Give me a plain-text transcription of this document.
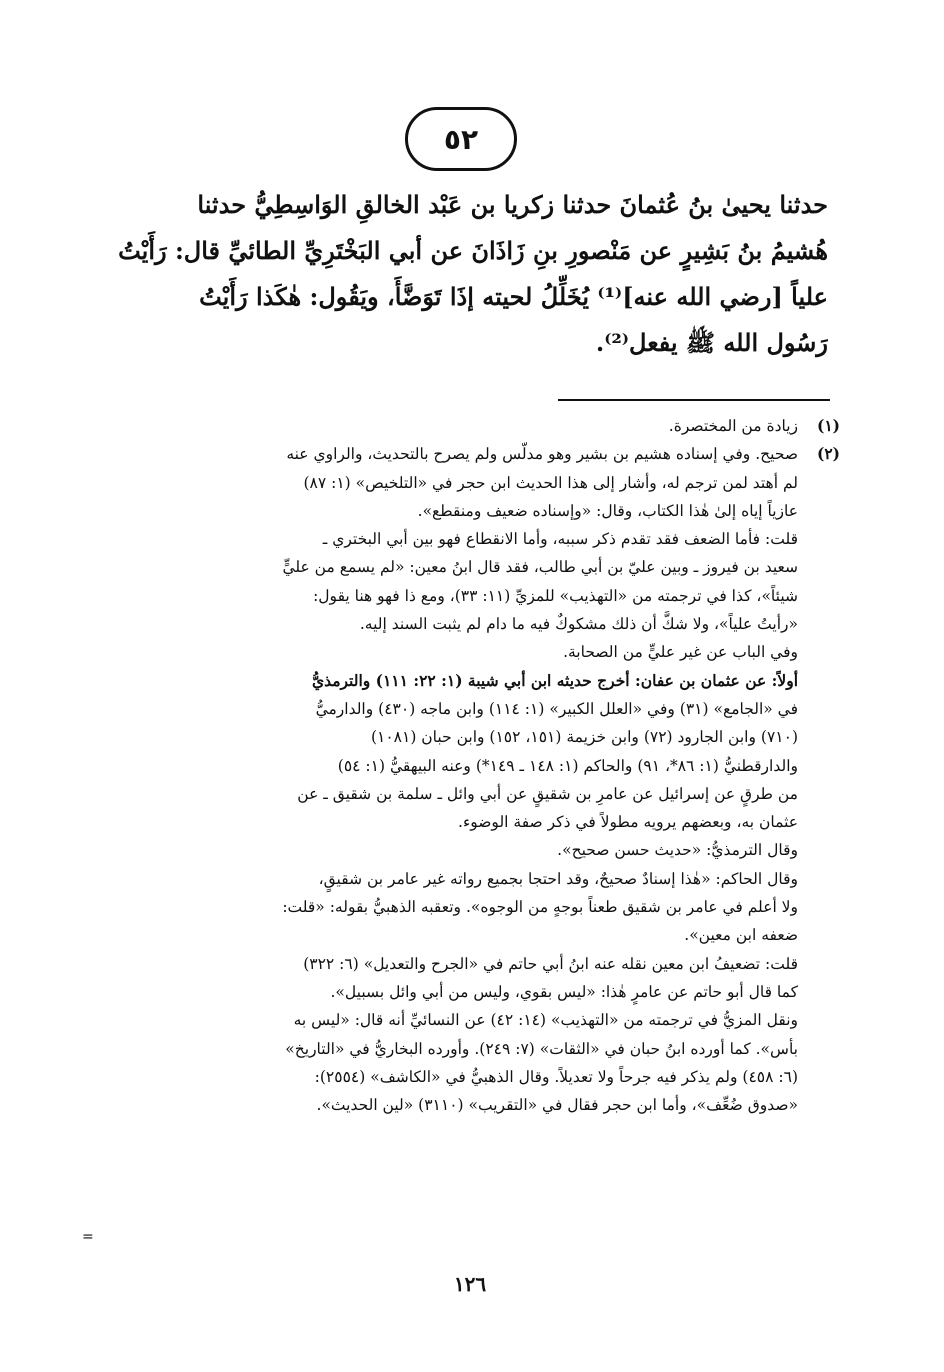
٥٢

حدثنا يحيىٰ بنُ عُثمانَ حدثنا زكريا بن عَبْد الخالقِ الوَاسِطِيُّ حدثنا

هُشيمُ بنُ بَشِيرٍ عن مَنْصورِ بنِ زَاذَانَ عن أبي البَخْتَرِيِّ الطائيِّ قال: رَأَيْتُ

علياً [رضي الله عنه]⁽¹⁾ يُخَلِّلُ لحيته إذَا تَوَضَّأَ، ويَقُول: هٰكَذا رَأَيْتُ

رَسُول الله ﷺ يفعل⁽²⁾.

(١)
زيادة من المختصرة.
(٢)
صحيح. وفي إسناده هشيم بن بشير وهو مدلّس ولم يصرح بالتحديث، والراوي عنه
لم أهتد لمن ترجم له، وأشار إلى هذا الحديث ابن حجر في «التلخيص» (١: ٨٧)
عازياً إياه إلىٰ هٰذا الكتاب، وقال: «وإسناده ضعيف ومنقطع».
قلت: فأما الضعف فقد تقدم ذكر سببه، وأما الانقطاع فهو بين أبي البختري ـ
سعيد بن فيروز ـ وبين عليّ بن أبي طالب، فقد قال ابنُ معين: «لم يسمع من عليٍّ
شيئاً»، كذا في ترجمته من «التهذيب» للمزيِّ (١١: ٣٣)، ومع ذا فهو هنا يقول:
«رأيتُ علياً»، ولا شكَّ أن ذلك مشكوكٌ فيه ما دام لم يثبت السند إليه.
وفي الباب عن غير عليٍّ من الصحابة.
أولاً: عن عثمان بن عفان: أخرج حديثه ابن أبي شيبة (١: ٢٢: ١١١) والترمذيُّ
في «الجامع» (٣١) وفي «العلل الكبير» (١: ١١٤) وابن ماجه (٤٣٠) والدارميُّ
(٧١٠) وابن الجارود (٧٢) وابن خزيمة (١٥١، ١٥٢) وابن حبان (١٠٨١)
والدارقطنيُّ (١: ٨٦*، ٩١) والحاكم (١: ١٤٨ ـ ١٤٩*) وعنه البيهقيُّ (١: ٥٤)
من طرقٍ عن إسرائيل عن عامرِ بن شقيقٍ عن أبي وائل ـ سلمة بن شقيق ـ عن
عثمان به، وبعضهم يرويه مطولاً في ذكر صفة الوضوء.
وقال الترمذيُّ: «حديث حسن صحيح».
وقال الحاكم: «هٰذا إسنادٌ صحيحٌ، وقد احتجا بجميع رواته غير عامر بن شقيقٍ،
ولا أعلم في عامر بن شقيق طعناً بوجهٍ من الوجوه». وتعقبه الذهبيُّ بقوله: «قلت:
ضعفه ابن معين».
قلت: تضعيفُ ابن معين نقله عنه ابنُ أبي حاتم في «الجرح والتعديل» (٦: ٣٢٢)
كما قال أبو حاتم عن عامرٍ هٰذا: «ليس بقوي، وليس من أبي وائل بسبيل».
ونقل المزيُّ في ترجمته من «التهذيب» (١٤: ٤٢) عن النسائيِّ أنه قال: «ليس به
بأس». كما أورده ابنُ حبان في «الثقات» (٧: ٢٤٩). وأورده البخاريُّ في «التاريخ»
(٦: ٤٥٨) ولم يذكر فيه جرحاً ولا تعديلاً. وقال الذهبيُّ في «الكاشف» (٢٥٥٤):
«صدوق ضُعِّف»، وأما ابن حجر فقال في «التقريب» (٣١١٠) «لين الحديث».
=
١٢٦
